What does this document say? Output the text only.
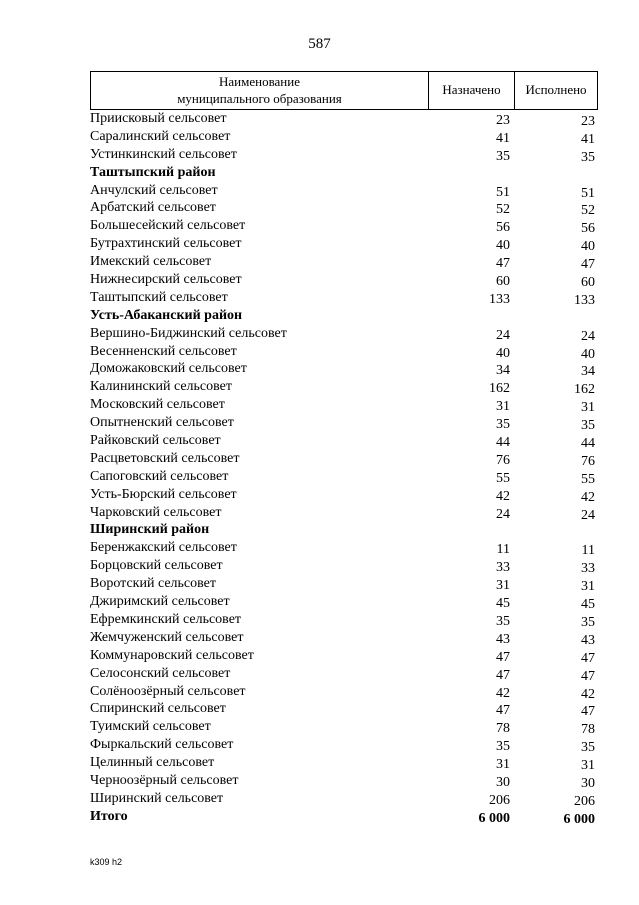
587
Наименование
муниципального образования
Назначено	Исполнено
Приисковый сельсовет	23	23
Саралинский сельсовет	41	41
Устинкинский сельсовет	35	35
Таштыпский район
Анчулский сельсовет	51	51
Арбатский сельсовет	52	52
Большесейский сельсовет	56	56
Бутрахтинский сельсовет	40	40
Имекский сельсовет	47	47
Нижнесирский сельсовет	60	60
Таштыпский сельсовет	133	133
Усть-Абаканский район
Вершино-Биджинский сельсовет	24	24
Весенненский сельсовет	40	40
Доможаковский сельсовет	34	34
Калининский сельсовет	162	162
Московский сельсовет	31	31
Опытненский сельсовет	35	35
Райковский сельсовет	44	44
Расцветовский сельсовет	76	76
Сапоговский сельсовет	55	55
Усть-Бюрский сельсовет	42	42
Чарковский сельсовет	24	24
Ширинский район
Беренжакский сельсовет	11	11
Борцовский сельсовет	33	33
Воротский сельсовет	31	31
Джиримский сельсовет	45	45
Ефремкинский сельсовет	35	35
Жемчуженский сельсовет	43	43
Коммунаровский сельсовет	47	47
Селосонский сельсовет	47	47
Солёноозёрный сельсовет	42	42
Спиринский сельсовет	47	47
Туимский сельсовет	78	78
Фыркальский сельсовет	35	35
Целинный сельсовет	31	31
Черноозёрный сельсовет	30	30
Ширинский сельсовет	206	206
Итого	6 000	6 000
k309 h2
